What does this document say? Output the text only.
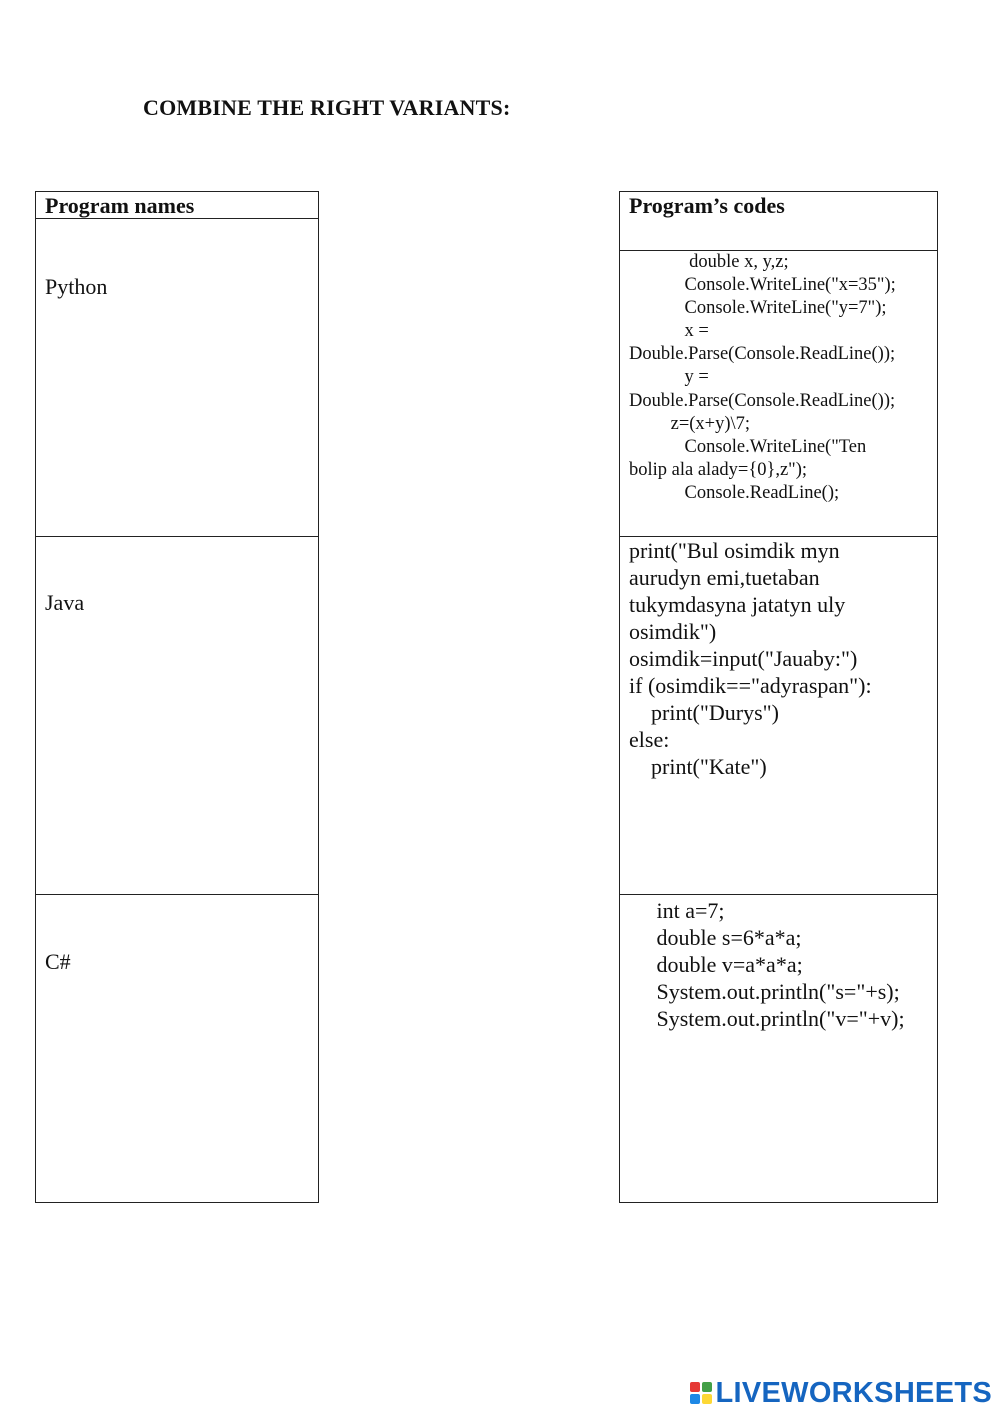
COMBINE THE RIGHT VARIANTS:
Program names
Python
Java
C#
Program’s codes
double x, y,z;
Console.WriteLine("x=35");
Console.WriteLine("y=7");
x =
Double.Parse(Console.ReadLine());
y =
Double.Parse(Console.ReadLine());
z=(x+y)\7;
Console.WriteLine("Ten
bolip ala alady={0},z");
Console.ReadLine();
print("Bul osimdik myn
aurudyn emi,tuetaban
tukymdasyna jatatyn uly
osimdik")
osimdik=input("Jauaby:")
if (osimdik=="adyraspan"):
print("Durys")
else:
print("Kate")
int a=7;
double s=6*a*a;
double v=a*a*a;
System.out.println("s="+s);
System.out.println("v="+v);
LIVEWORKSHEETS
